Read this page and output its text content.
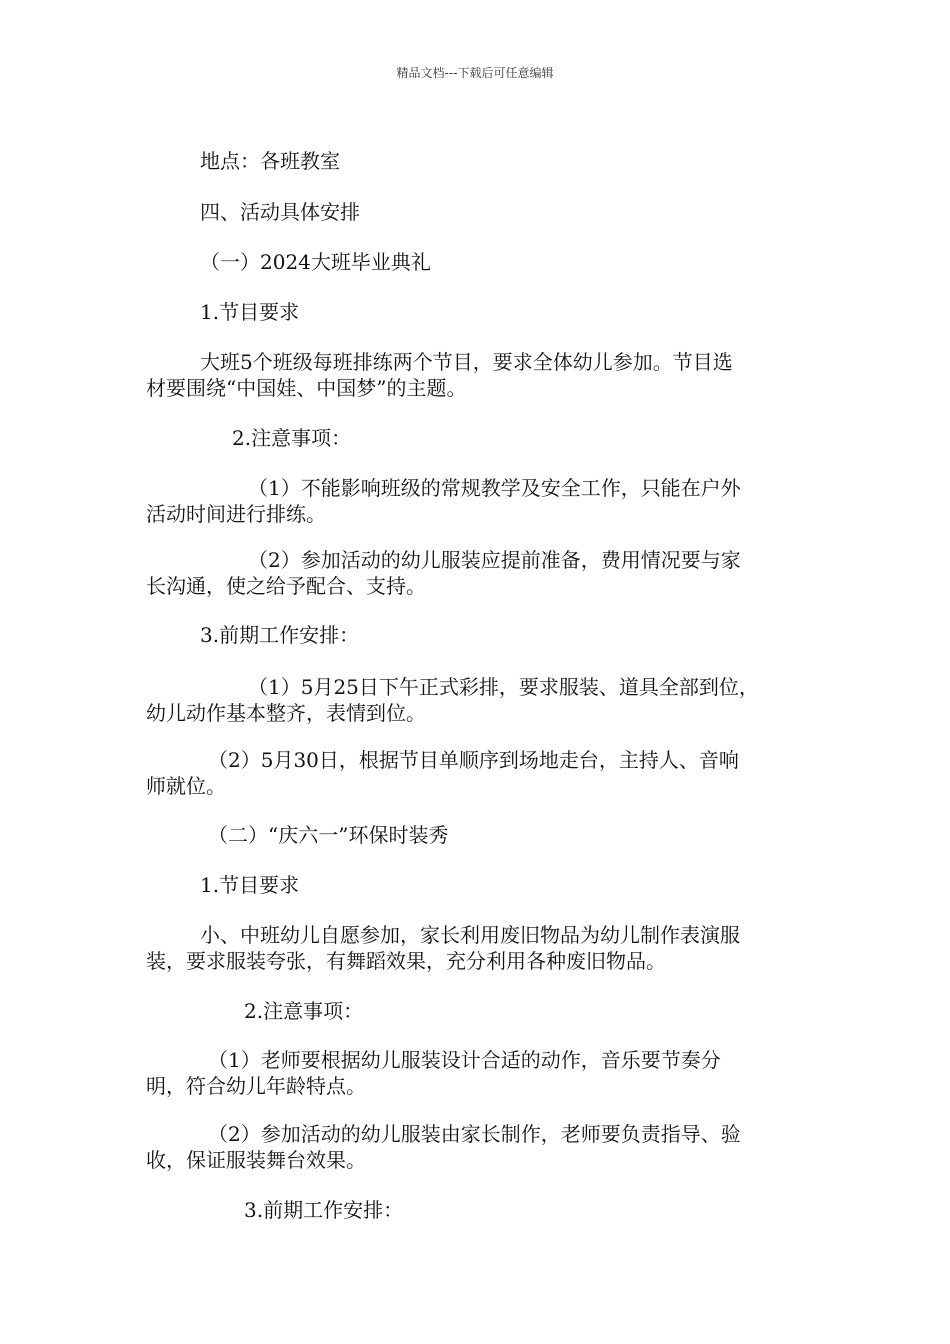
精品文档---下载后可任意编辑
地点：各班教室
四、活动具体安排
（一）2024大班毕业典礼
1.节目要求
大班5个班级每班排练两个节目，要求全体幼儿参加。节目选
材要围绕“中国娃、中国梦”的主题。
2.注意事项：
（1）不能影响班级的常规教学及安全工作，只能在户外
活动时间进行排练。
（2）参加活动的幼儿服装应提前准备，费用情况要与家
长沟通，使之给予配合、支持。
3.前期工作安排：
（1）5月25日下午正式彩排，要求服装、道具全部到位，
幼儿动作基本整齐，表情到位。
（2）5月30日，根据节目单顺序到场地走台，主持人、音响
师就位。
（二）“庆六一”环保时装秀
1.节目要求
小、中班幼儿自愿参加，家长利用废旧物品为幼儿制作表演服
装，要求服装夸张，有舞蹈效果，充分利用各种废旧物品。
2.注意事项：
（1）老师要根据幼儿服装设计合适的动作，音乐要节奏分
明，符合幼儿年龄特点。
（2）参加活动的幼儿服装由家长制作，老师要负责指导、验
收，保证服装舞台效果。
3.前期工作安排：
